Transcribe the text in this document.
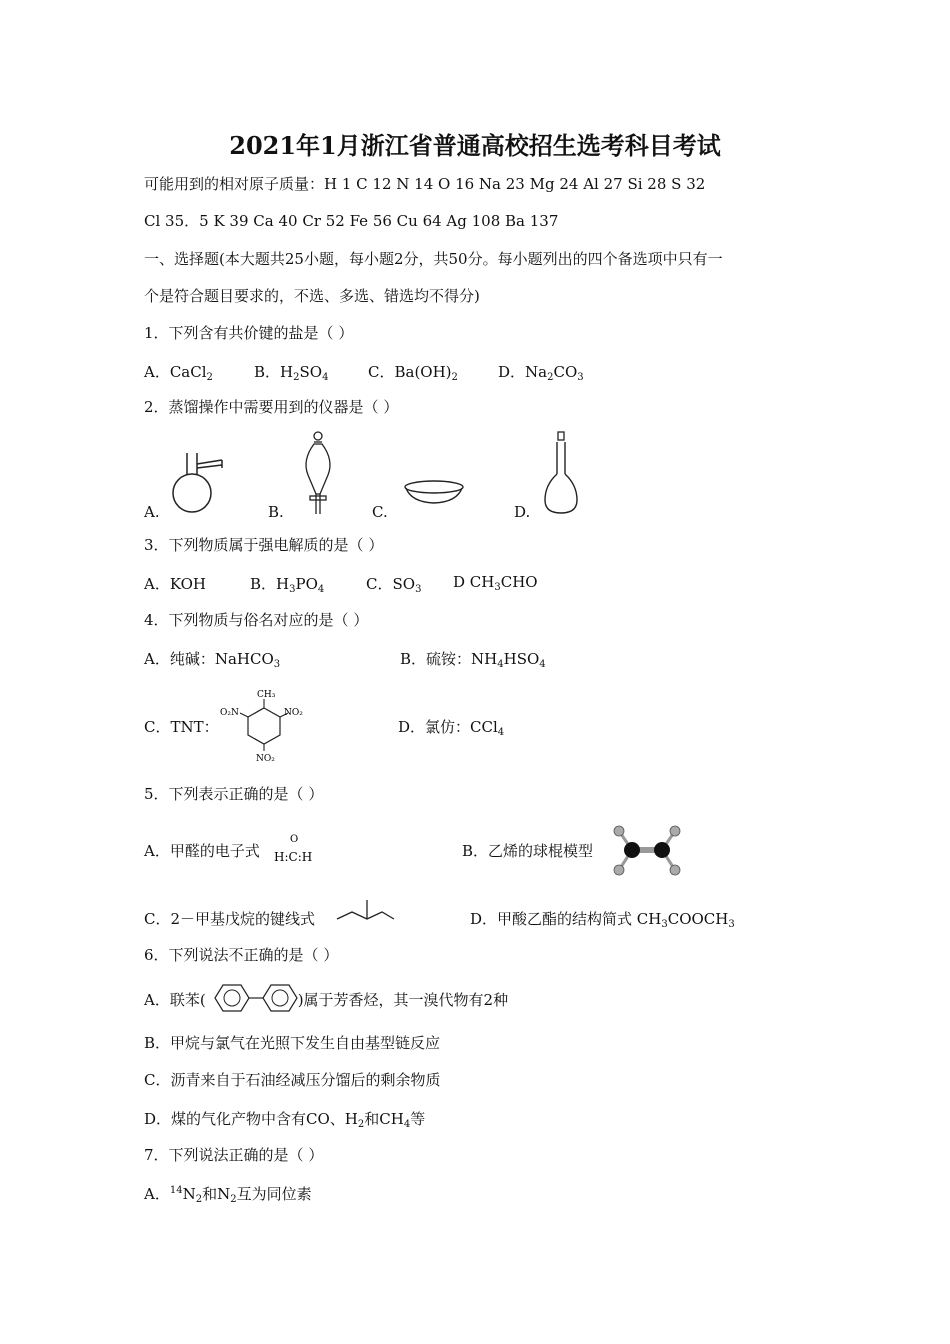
2021年1月浙江省普通高校招生选考科目考试
可能用到的相对原子质量：H 1 C 12 N 14 O 16 Na 23 Mg 24 Al 27 Si 28 S 32
Cl 35．5 K 39 Ca 40 Cr 52 Fe 56 Cu 64 Ag 108 Ba 137
一、选择题(本大题共25小题，每小题2分，共50分。每小题列出的四个备选项中只有一
个是符合题目要求的，不选、多选、错选均不得分)
1．下列含有共价键的盐是（ ）
A．CaCl$_2$	B．$H_2SO_4$	C．$Ba(OH)_2$	D．$Na_2CO_3$
2．蒸馏操作中需要用到的仪器是（ ）
A.	B.	C.	D.
3．下列物质属于强电解质的是（ ）
A．KOH	B．$H_3PO_4$	C．$SO_3$ D $CH_3CHO$
4．下列物质与俗名对应的是（ ）
A．纯碱：NaHCO$_3$	B．硫铵：$NH_4HSO_4$
C．TNT：
CH₃
O₂N	NO₂
NO₂
D．氯仿：CCl$_4$
5．下列表示正确的是（ ）
A．甲醛的电子式
O
H:C:H	B．乙烯的球棍模型
C．2－甲基戊烷的键线式	D．甲酸乙酯的结构简式 $CH_3COOCH_3$
6．下列说法不正确的是（ ）
A．联苯(	)属于芳香烃，其一溴代物有2种
B．甲烷与氯气在光照下发生自由基型链反应
C．沥青来自于石油经减压分馏后的剩余物质
D．煤的气化产物中含有CO、$H_2$和$CH_4$等
7．下列说法正确的是（ ）
A．$^{14}N_2$和$N_2$互为同位素
